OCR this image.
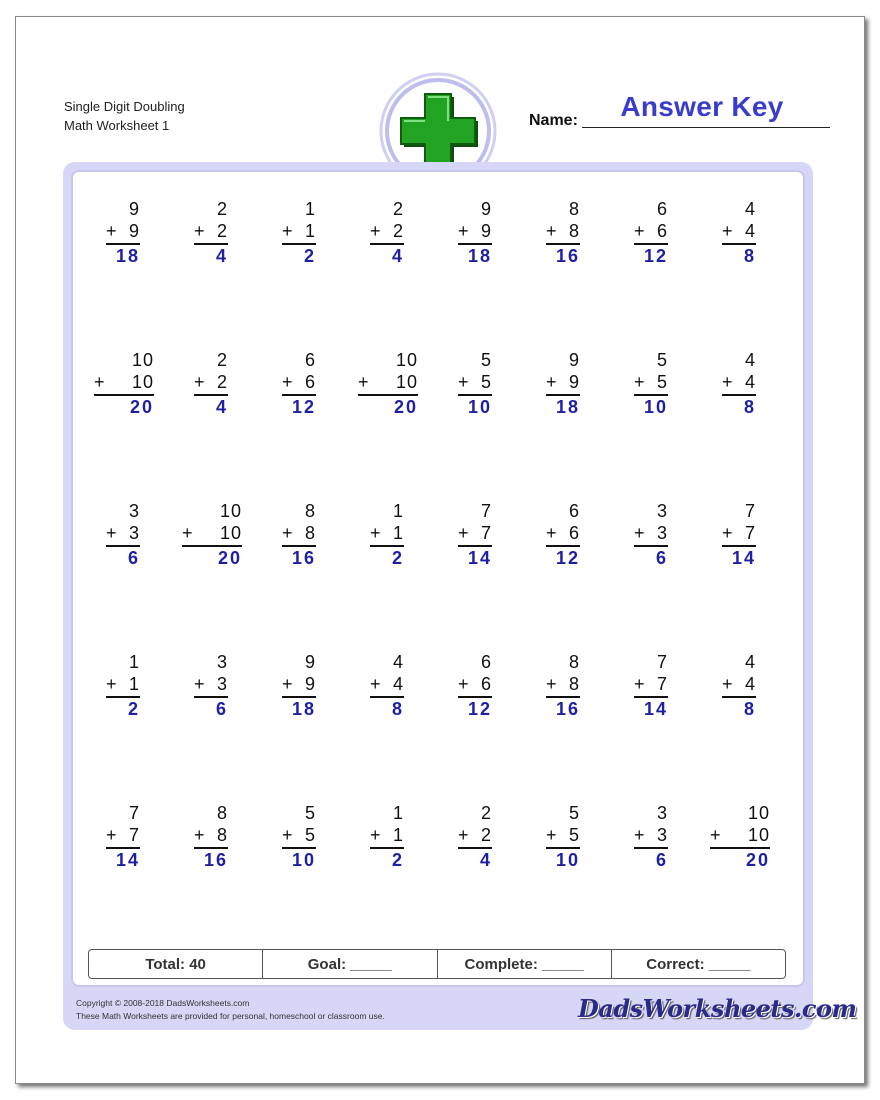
Single Digit Doubling
Math Worksheet 1	Name:	Answer Key
9
+ 9
18
2
+ 2
4
1
+ 1
2
2
+ 2
4
9
+ 9
18
8
+ 8
16
6
+ 6
12
4
+ 4
8
10
+ 10
20
2
+ 2
4
6
+ 6
12
10
+ 10
20
5
+ 5
10
9
+ 9
18
5
+ 5
10
4
+ 4
8
3
+ 3
6
10
+ 10
20
8
+ 8
16
1
+ 1
2
7
+ 7
14
6
+ 6
12
3
+ 3
6
7
+ 7
14
1
+ 1
2
3
+ 3
6
9
+ 9
18
4
+ 4
8
6
+ 6
12
8
+ 8
16
7
+ 7
14
4
+ 4
8
7
+ 7
14
8
+ 8
16
5
+ 5
10
1
+ 1
2
2
+ 2
4
5
+ 5
10
3
+ 3
6
10
+ 10
20
Total: 40	Goal: _____	Complete: _____	Correct: _____
Copyright © 2008-2018 DadsWorksheets.com
These Math Worksheets are provided for personal, homeschool or classroom use.	DadsWorksheets.com
